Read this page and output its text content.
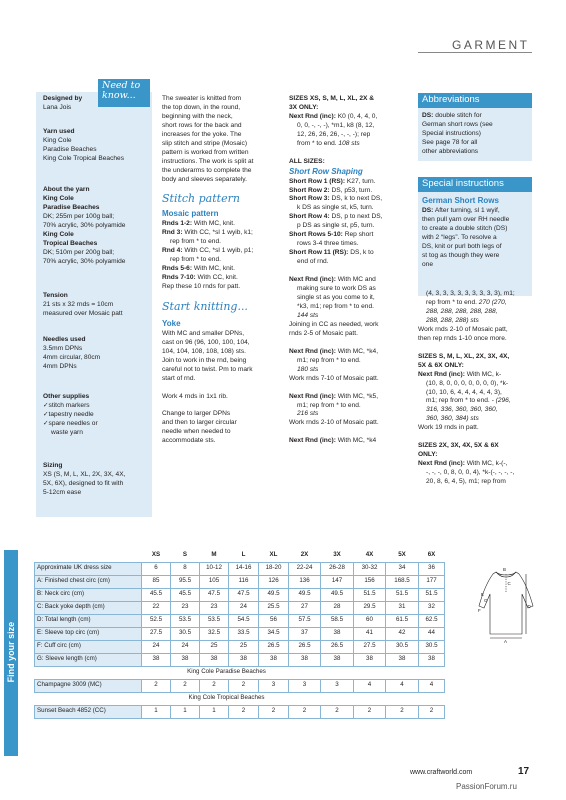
GARMENT
Need to
know...
Designed by
Lana Jois
Yarn used
King Cole
Paradise Beaches
King Cole Tropical Beaches
About the yarn
King Cole
Paradise Beaches
DK; 255m per 100g ball;
70% acrylic, 30% polyamide
King Cole
Tropical Beaches
DK; 510m per 200g ball;
70% acrylic, 30% polyamide
Tension
21 sts x 32 rnds = 10cm
measured over Mosaic patt
Needles used
3.5mm DPNs
4mm circular, 80cm
4mm DPNs
Other supplies
✓ stitch markers
✓ tapestry needle
✓ spare needles or
waste yarn
Sizing
XS (S, M, L, XL, 2X, 3X, 4X,
5X, 6X), designed to fit with
5-12cm ease
The sweater is knitted from
the top down, in the round,
beginning with the neck,
short rows for the back and
increases for the yoke. The
slip stitch and stripe (Mosaic)
pattern is worked from written
instructions. The work is split at
the underarms to complete the
body and sleeves separately.
Stitch pattern
Mosaic pattern
Rnds 1-2: With MC, knit.
Rnd 3: With CC, *sl 1 wyib, k1;
rep from * to end.
Rnd 4: With CC, *sl 1 wyib, p1;
rep from * to end.
Rnds 5-6: With MC, knit.
Rnds 7-10: With CC, knit.
Rep these 10 rnds for patt.
Start knitting...
Yoke
With MC and smaller DPNs,
cast on 96 (96, 100, 100, 104,
104, 104, 108, 108, 108) sts.
Join to work in the rnd, being
careful not to twist. Pm to mark
start of rnd.
Work 4 rnds in 1x1 rib.
Change to larger DPNs
and then to larger circular
needle when needed to
accommodate sts.
SIZES XS, S, M, L, XL, 2X &
3X ONLY:
Next Rnd (inc): K0 (0, 4, 4, 0,
0, 0, -, -, -), *m1, k8 (8, 12,
12, 26, 26, 26, -, -, -); rep
from * to end. 108 sts
ALL SIZES:
Short Row Shaping
Short Row 1 (RS): K27, turn.
Short Row 2: DS, p53, turn.
Short Row 3: DS, k to next DS,
k DS as single st, k5, turn.
Short Row 4: DS, p to next DS,
p DS as single st, p5, turn.
Short Rows 5-10: Rep short
rows 3-4 three times.
Short Row 11 (RS): DS, k to
end of rnd.
Next Rnd (inc): With MC and
making sure to work DS as
single st as you come to it,
*k3, m1; rep from * to end.
144 sts
Joining in CC as needed, work
rnds 2-5 of Mosaic patt.
Next Rnd (inc): With MC, *k4,
m1; rep from * to end.
180 sts
Work rnds 7-10 of Mosaic patt.
Next Rnd (inc): With MC, *k5,
m1; rep from * to end.
216 sts
Work rnds 2-10 of Mosaic patt.
Next Rnd (inc): With MC, *k4
Abbreviations
DS: double stitch for
German short rows (see
Special instructions)
See page 78 for all
other abbreviations
Special instructions
German Short Rows
DS: After turning, sl 1 wyif,
then pull yarn over RH needle
to create a double stitch (DS)
with 2 “legs”. To resolve a
DS, knit or purl both legs of
st tog as though they were
one
(4, 3, 3, 3, 3, 3, 3, 3, 3, 3), m1;
rep from * to end. 270 (270,
288, 288, 288, 288, 288,
288, 288, 288) sts
Work rnds 2-10 of Mosaic patt,
then rep rnds 1-10 once more.
SIZES S, M, L, XL, 2X, 3X, 4X,
5X & 6X ONLY:
Next Rnd (inc): With MC, k-
(10, 8, 0, 0, 0, 0, 0, 0, 0), *k-
(10, 10, 6, 4, 4, 4, 4, 4, 3),
m1; rep from * to end. - (296,
316, 336, 360, 360, 360,
360, 360, 384) sts
Work 19 rnds in patt.
SIZES 2X, 3X, 4X, 5X & 6X
ONLY:
Next Rnd (inc): With MC, k-(-,
-, -, -, 0, 8, 0, 0, 4), *k-(-, -, -, -,
20, 8, 6, 4, 5), m1; rep from
Find your size
	XS	S	M	L	XL	2X	3X	4X	5X	6X
Approximate UK dress size	6	8	10-12	14-16	18-20	22-24	26-28	30-32	34	36
A: Finished chest circ (cm)	85	95.5	105	116	126	136	147	156	168.5	177
B: Neck circ (cm)	45.5	45.5	47.5	47.5	49.5	49.5	49.5	51.5	51.5	51.5
C: Back yoke depth (cm)	22	23	23	24	25.5	27	28	29.5	31	32
D: Total length (cm)	52.5	53.5	53.5	54.5	56	57.5	58.5	60	61.5	62.5
E: Sleeve top circ (cm)	27.5	30.5	32.5	33.5	34.5	37	38	41	42	44
F: Cuff circ (cm)	24	24	25	25	26.5	26.5	26.5	27.5	30.5	30.5
G: Sleeve length (cm)	38	38	38	38	38	38	38	38	38	38
King Cole Paradise Beaches										
Champagne 3009 (MC)	2	2	2	2	3	3	3	4	4	4
King Cole Tropical Beaches										
Sunset Beach 4852 (CC)	1	1	1	2	2	2	2	2	2	2
B
C
D
E
F
G
A
www.craftworld.com	17
PassionForum.ru
